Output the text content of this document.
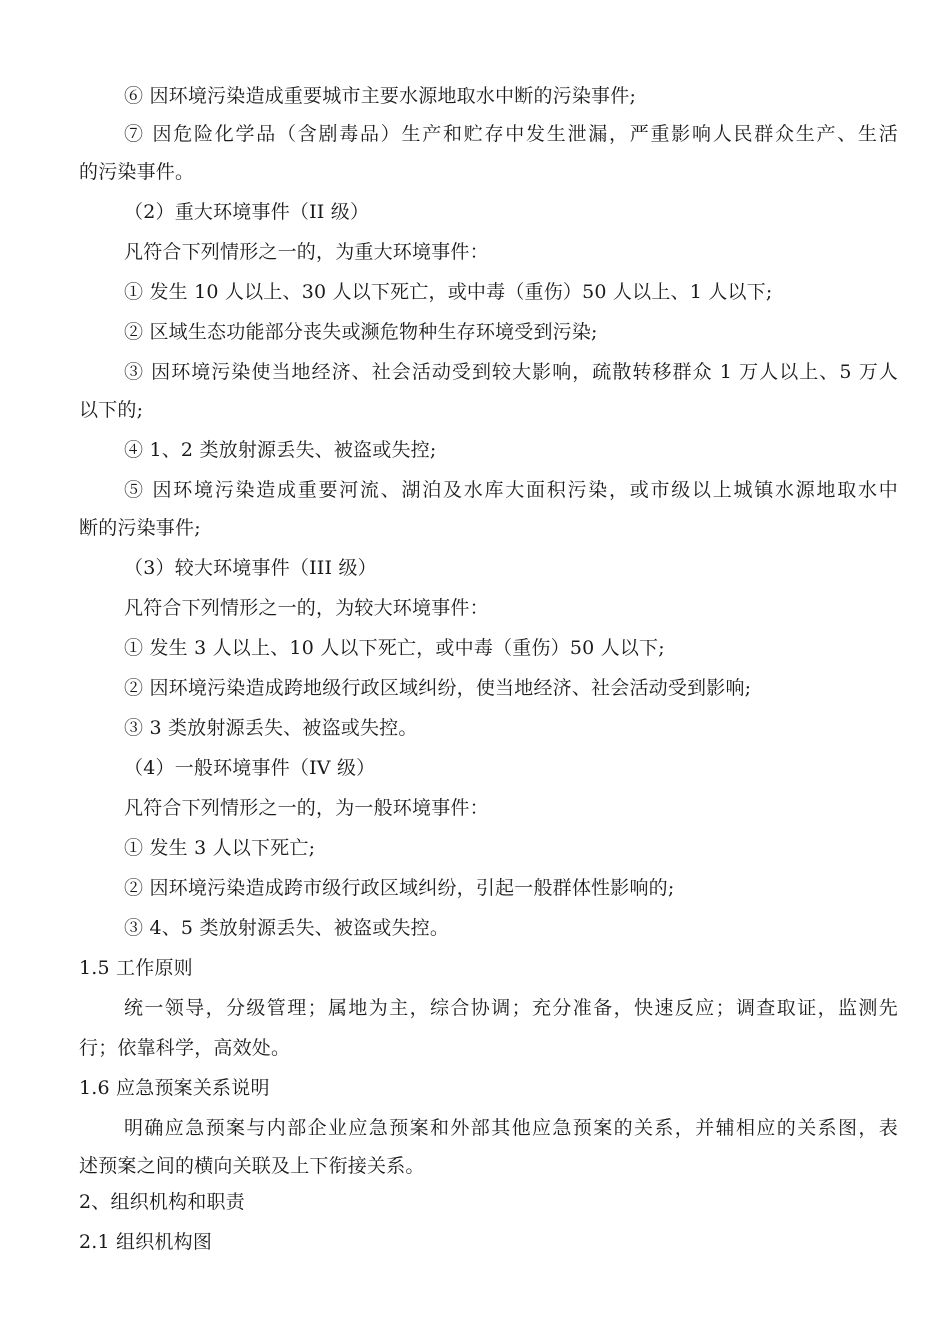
⑥ 因环境污染造成重要城市主要水源地取水中断的污染事件;
⑦ 因危险化学品（含剧毒品）生产和贮存中发生泄漏，严重影响人民群众生产、生活
的污染事件。
（2）重大环境事件（II 级）
凡符合下列情形之一的，为重大环境事件：
① 发生 10 人以上、30 人以下死亡，或中毒（重伤）50 人以上、1 人以下;
② 区域生态功能部分丧失或濒危物种生存环境受到污染;
③ 因环境污染使当地经济、社会活动受到较大影响，疏散转移群众 1 万人以上、5 万人
以下的;
④ 1、2 类放射源丢失、被盗或失控;
⑤ 因环境污染造成重要河流、湖泊及水库大面积污染，或市级以上城镇水源地取水中
断的污染事件;
（3）较大环境事件（III 级）
凡符合下列情形之一的，为较大环境事件：
① 发生 3 人以上、10 人以下死亡，或中毒（重伤）50 人以下;
② 因环境污染造成跨地级行政区域纠纷，使当地经济、社会活动受到影响;
③ 3 类放射源丢失、被盗或失控。
（4）一般环境事件（IV 级）
凡符合下列情形之一的，为一般环境事件：
① 发生 3 人以下死亡;
② 因环境污染造成跨市级行政区域纠纷，引起一般群体性影响的;
③ 4、5 类放射源丢失、被盗或失控。
1.5 工作原则
统一领导，分级管理；属地为主，综合协调；充分准备，快速反应；调查取证，监测先
行；依靠科学，高效处。
1.6 应急预案关系说明
明确应急预案与内部企业应急预案和外部其他应急预案的关系，并辅相应的关系图，表
述预案之间的横向关联及上下衔接关系。
2、组织机构和职责
2.1 组织机构图
